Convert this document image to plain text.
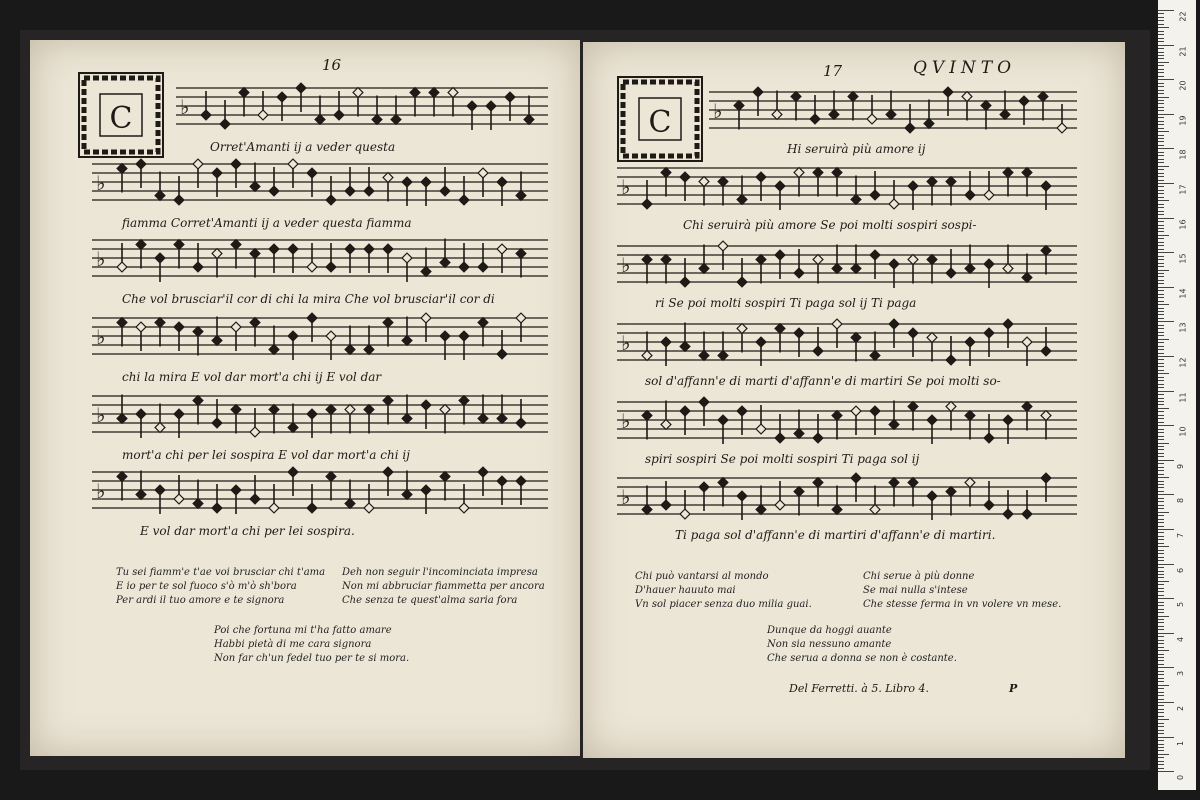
16
C ♭
♭
♭
♭
♭
♭
Orret'Amanti ij a veder questa
fiamma Corret'Amanti ij a veder questa fiamma
Che vol brusciar'il cor di chi la mira Che vol brusciar'il cor di
chi la mira E vol dar mort'a chi ij E vol dar
mort'a chi per lei sospira E vol dar mort'a chi ij
E vol dar mort'a chi per lei sospira.
Tu sei fiamm'e t'ae voi brusciar chi t'ama
E io per te sol fuoco s'ò m'ò sh'bora
Per ardi il tuo amore e te signora
Deh non seguir l'incominciata impresa
Non mi abbruciar fiammetta per ancora
Che senza te quest'alma saria fora
Poi che fortuna mi t'ha fatto amare
Habbi pietà di me cara signora
Non far ch'un fedel tuo per te si mora.
17	QVINTO
C ♭
♭
♭
♭
♭
♭
Hi seruirà più amore ij
Chi seruirà più amore Se poi molti sospiri sospi-
ri Se poi molti sospiri Ti paga sol ij Ti paga
sol d'affann'e di marti d'affann'e di martiri Se poi molti so-
spiri sospiri Se poi molti sospiri Ti paga sol ij
Ti paga sol d'affann'e di martiri d'affann'e di martiri.
Chi può vantarsi al mondo
D'hauer hauuto mai
Vn sol piacer senza duo milia guai.
Chi serue à più donne
Se mai nulla s'intese
Che stesse ferma in vn volere vn mese.
Dunque da hoggi auante
Non sia nessuno amante
Che serua a donna se non è costante.
Del Ferretti. à 5. Libro 4.	P
22
21
20
19
18
17
16
15
14
13
12
11
10
9
8
7
6
5
4
3
2
1
0
